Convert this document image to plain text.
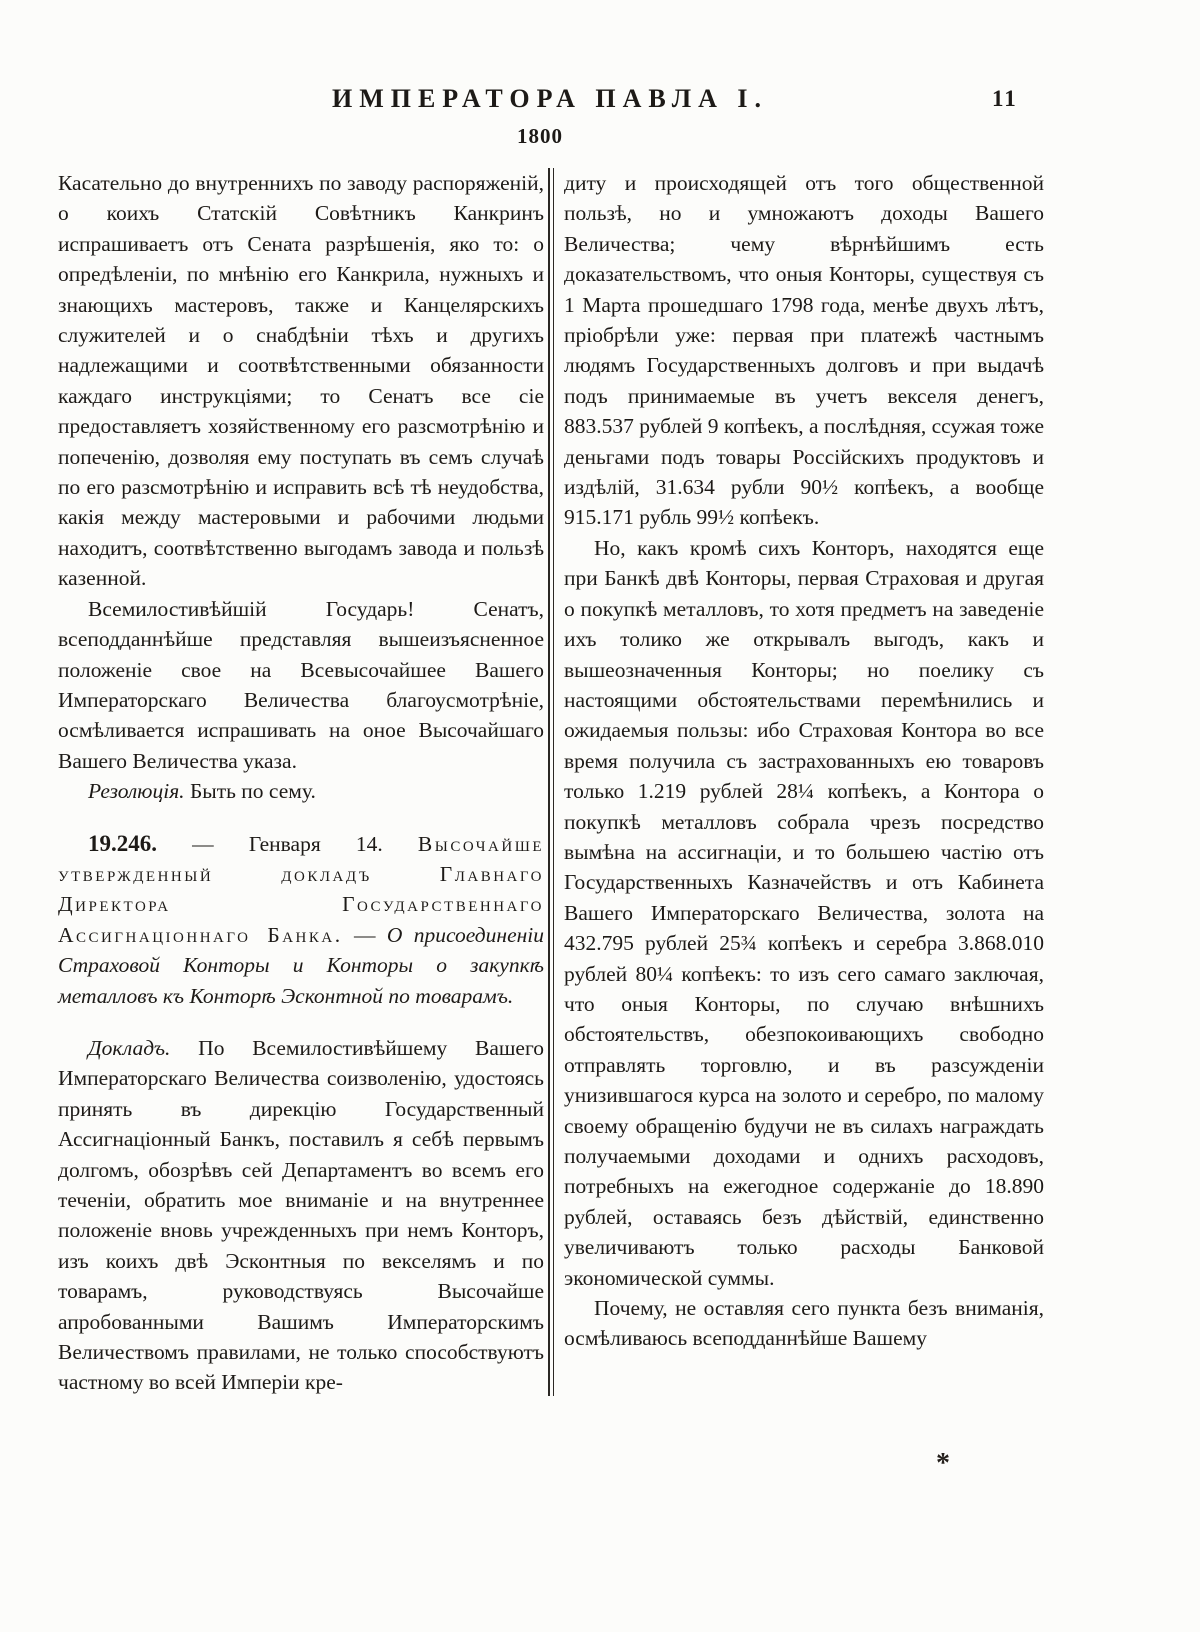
ИМПЕРАТОРА ПАВЛА I.	11
1800

Касательно до внутреннихъ по заводу распоряженій, о коихъ Статскій Совѣтникъ Канкринъ испрашиваетъ отъ Сената разрѣшенія, яко то: о опредѣленіи, по мнѣнію его Канкрила, нужныхъ и знающихъ мастеровъ, также и Канцелярскихъ служителей и о снабдѣніи тѣхъ и другихъ надлежащими и соотвѣтственными обязанности каждаго инструкціями; то Сенатъ все сіе предоставляетъ хозяйственному его разсмотрѣнію и попеченію, дозволяя ему поступать въ семъ случаѣ по его разсмотрѣнію и исправить всѣ тѣ неудобства, какія между мастеровыми и рабочими людьми находитъ, соотвѣтственно выгодамъ завода и пользѣ казенной.

Всемилостивѣйшій Государь! Сенатъ, всеподданнѣйше представляя вышеизъясненное положеніе свое на Всевысочайшее Вашего Императорскаго Величества благоусмотрѣніе, осмѣливается испрашивать на оное Высочайшаго Вашего Величества указа.

Резолюція. Быть по сему.

19.246. — Генваря 14. Высочайше утвержденный докладъ Главнаго Директора Государственнаго Ассигнаціоннаго Банка. — О присоединеніи Страховой Конторы и Конторы о закупкѣ металловъ къ Конторѣ Эсконтной по товарамъ.

Докладъ. По Всемилостивѣйшему Вашего Императорскаго Величества соизволенію, удостоясь принять въ дирекцію Государственный Ассигнаціонный Банкъ, поставилъ я себѣ первымъ долгомъ, обозрѣвъ сей Департаментъ во всемъ его теченіи, обратить мое вниманіе и на внутреннее положеніе вновь учрежденныхъ при немъ Конторъ, изъ коихъ двѣ Эсконтныя по векселямъ и по товарамъ, руководствуясь Высочайше апробованными Вашимъ Императорскимъ Величествомъ правилами, не только способствуютъ частному во всей Имперіи кре-

диту и происходящей отъ того общественной пользѣ, но и умножаютъ доходы Вашего Величества; чему вѣрнѣйшимъ есть доказательствомъ, что оныя Конторы, существуя съ 1 Марта прошедшаго 1798 года, менѣе двухъ лѣтъ, пріобрѣли уже: первая при платежѣ частнымъ людямъ Государственныхъ долговъ и при выдачѣ подъ принимаемые въ учетъ векселя денегъ, 883.537 рублей 9 копѣекъ, а послѣдняя, ссужая тоже деньгами подъ товары Россійскихъ продуктовъ и издѣлій, 31.634 рубли 90½ копѣекъ, а вообще 915.171 рубль 99½ копѣекъ.

Но, какъ кромѣ сихъ Конторъ, находятся еще при Банкѣ двѣ Конторы, первая Страховая и другая о покупкѣ металловъ, то хотя предметъ на заведеніе ихъ толико же открывалъ выгодъ, какъ и вышеозначенныя Конторы; но поелику съ настоящими обстоятельствами перемѣнились и ожидаемыя пользы: ибо Страховая Контора во все время получила съ застрахованныхъ ею товаровъ только 1.219 рублей 28¼ копѣекъ, а Контора о покупкѣ металловъ собрала чрезъ посредство вымѣна на ассигнаціи, и то большею частію отъ Государственныхъ Казначействъ и отъ Кабинета Вашего Императорскаго Величества, золота на 432.795 рублей 25¾ копѣекъ и серебра 3.868.010 рублей 80¼ копѣекъ: то изъ сего самаго заключая, что оныя Конторы, по случаю внѣшнихъ обстоятельствъ, обезпокоивающихъ свободно отправлять торговлю, и въ разсужденіи унизившагося курса на золото и серебро, по малому своему обращенію будучи не въ силахъ награждать получаемыми доходами и однихъ расходовъ, потребныхъ на ежегодное содержаніе до 18.890 рублей, оставаясь безъ дѣйствій, единственно увеличиваютъ только расходы Банковой экономической суммы.

Почему, не оставляя сего пункта безъ вниманія, осмѣливаюсь всеподданнѣйше Вашему

*
